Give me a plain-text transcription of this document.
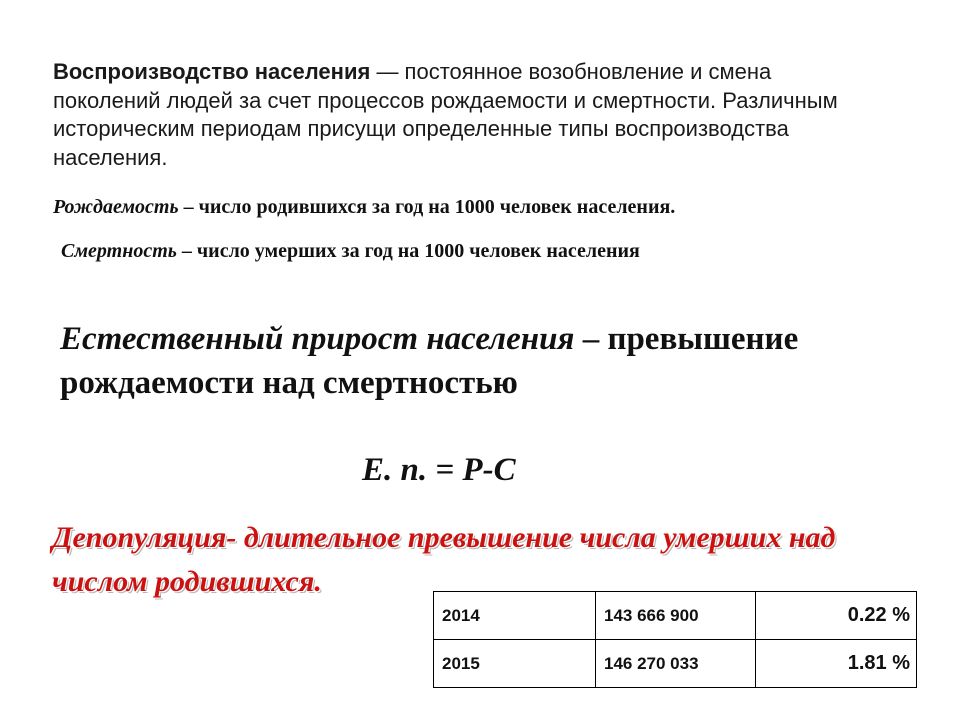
Воспроизводство населения — постоянное возобновление и смена поколений людей за счет процессов рождаемости и смертности. Различным историческим периодам присущи определенные типы воспроизводства населения.
Рождаемость – число родившихся за год на 1000 человек населения.
Смертность – число умерших за год на 1000 человек населения
Естественный прирост населения – превышение рождаемости над смертностью
Е. п. = Р-С
Депопуляция- длительное превышение числа умерших над числом родившихся.
2014	143 666 900	0.22 %
2015	146 270 033	1.81 %
